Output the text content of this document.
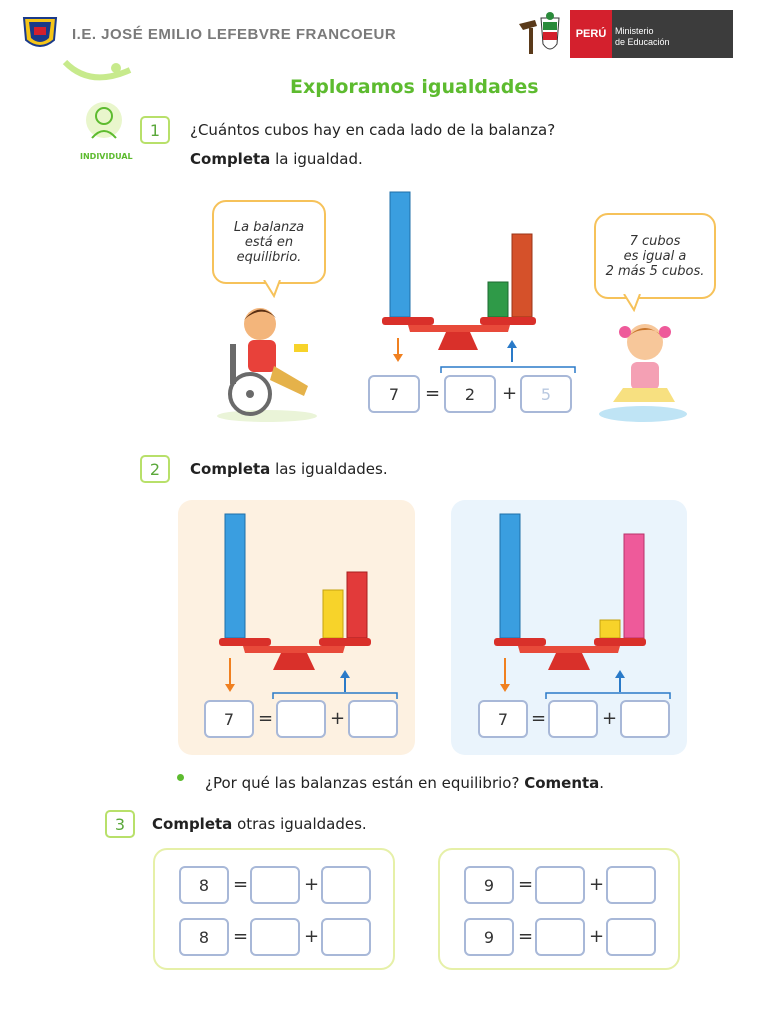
I.E. JOSÉ EMILIO LEFEBVRE FRANCOEUR	PERÚ Ministerio
de Educación
Exploramos igualdades
INDIVIDUAL
1	¿Cuántos cubos hay en cada lado de la balanza?
Completa la igualdad.
La balanza
está en
equilibrio.
7 cubos
es igual a
2 más 5 cubos.
7	=	2	+	5
2	Completa las igualdades.
7	=	+	7	=	+
¿Por qué las balanzas están en equilibrio? Comenta.
3	Completa otras igualdades.
8	=	+
8	=	+
9	=	+
9	=	+
